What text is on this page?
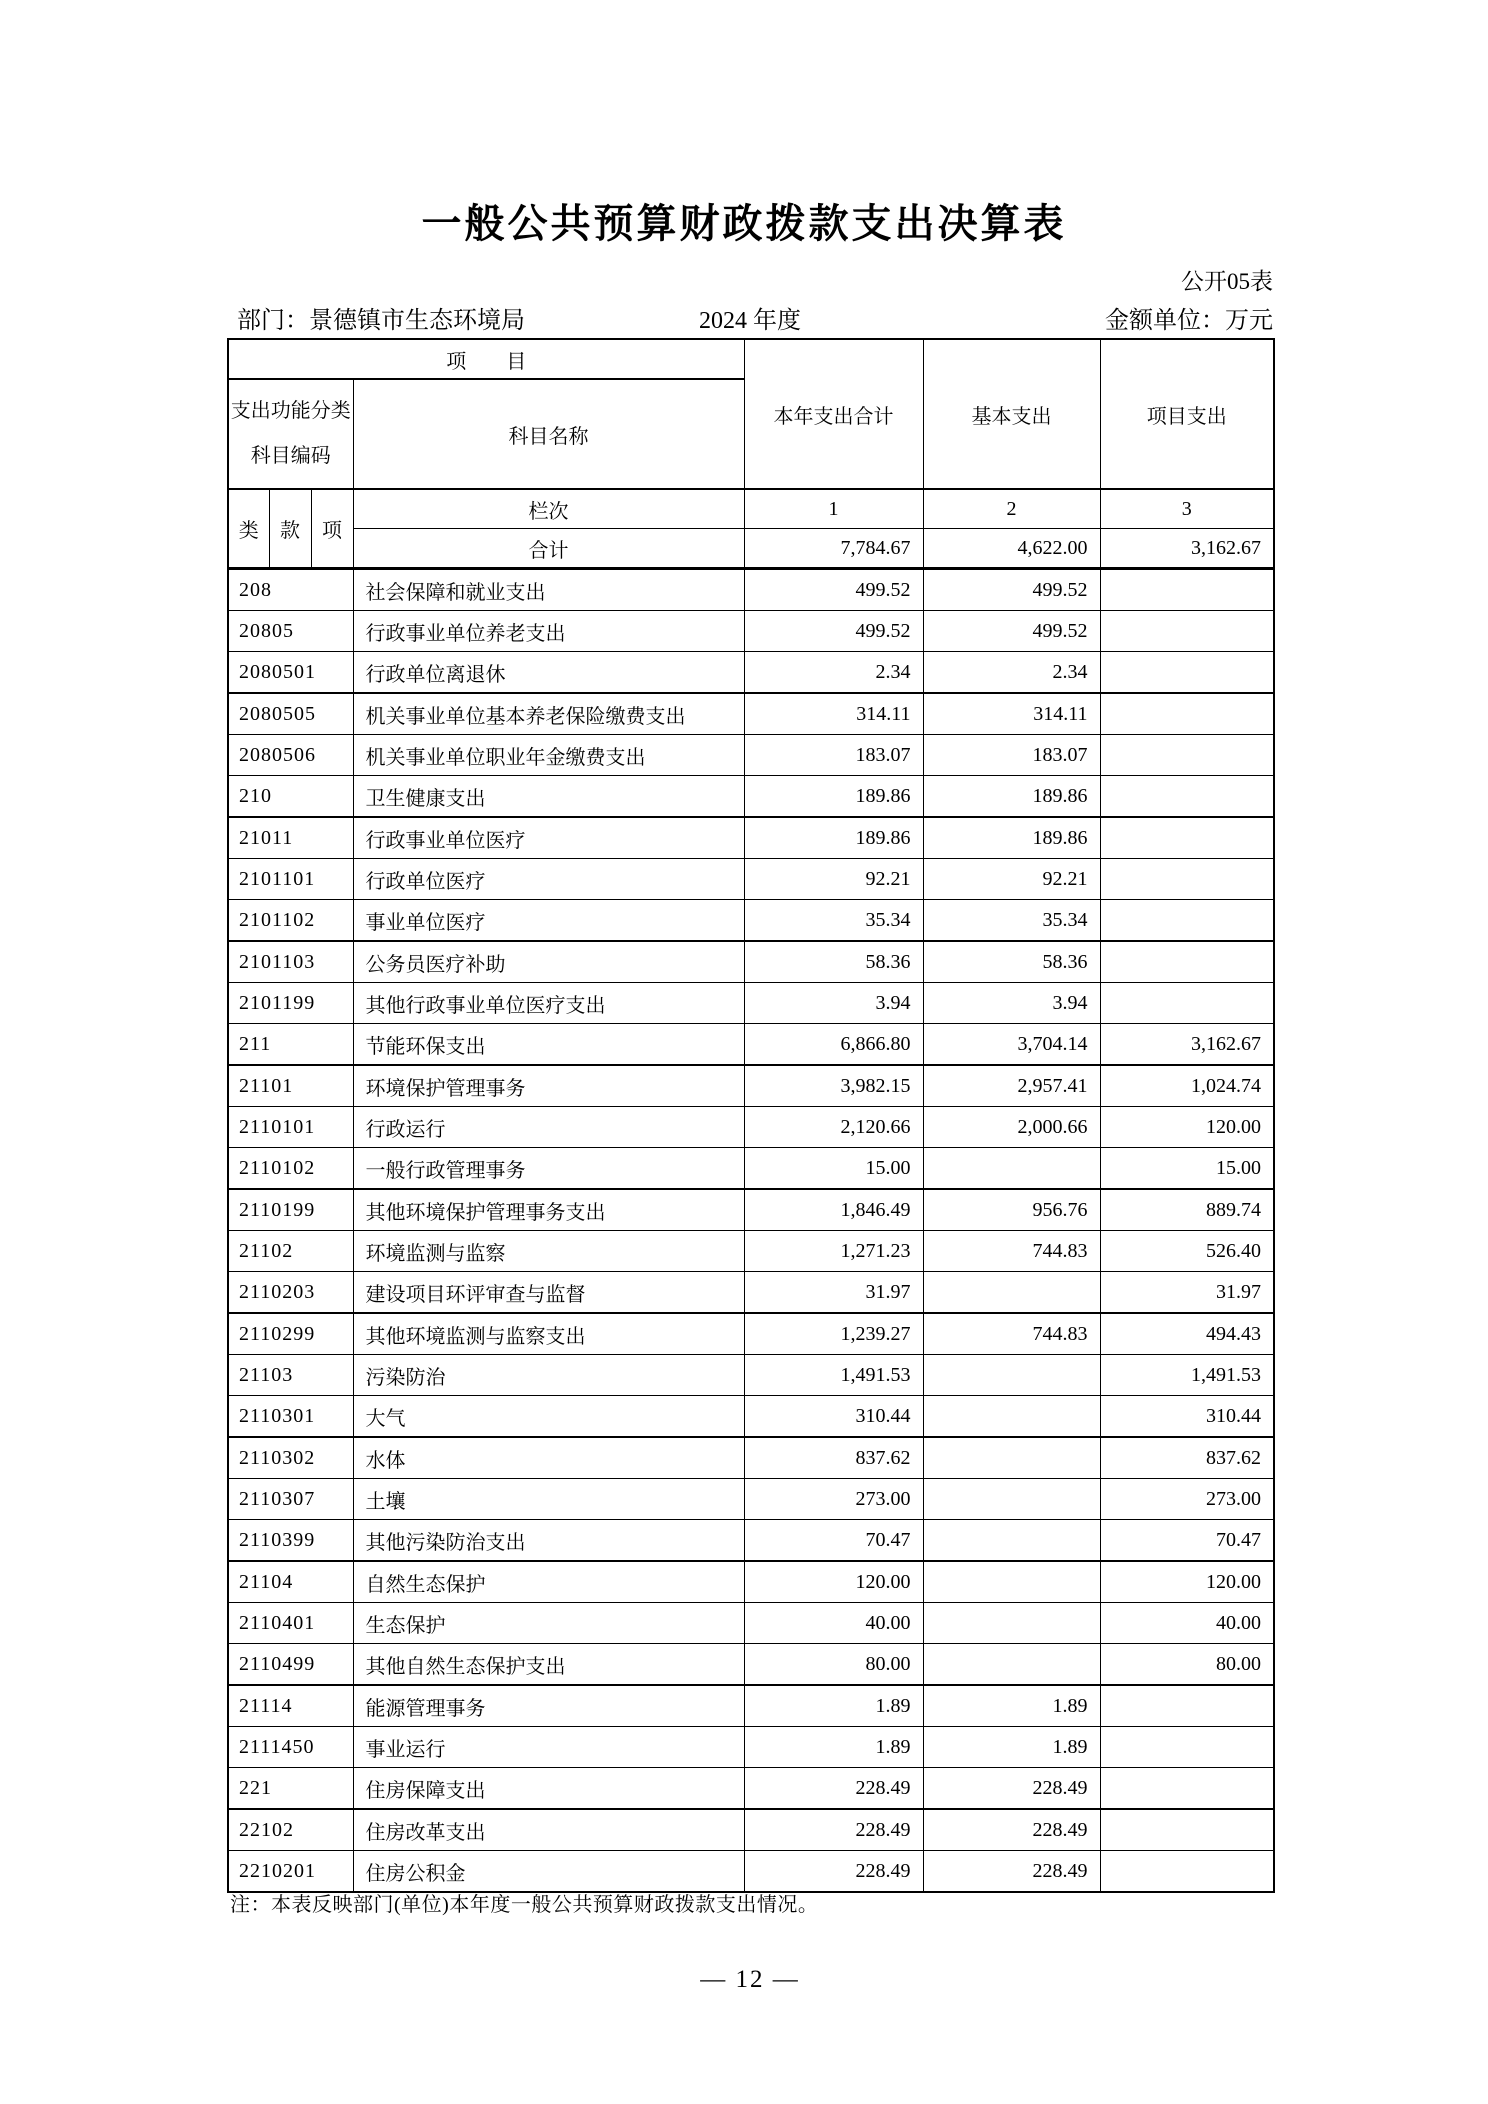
一般公共预算财政拨款支出决算表
公开05表
部门：景德镇市生态环境局	2024 年度	金额单位：万元
项　　目				本年支出合计	基本支出	项目支出
支出功能分类
科目编码			科目名称			
类	款	项	栏次	1	2	3
			合计	7,784.67	4,622.00	3,162.67
208			社会保障和就业支出	499.52	499.52	
20805			行政事业单位养老支出	499.52	499.52	
2080501			行政单位离退休	2.34	2.34	
2080505			机关事业单位基本养老保险缴费支出	314.11	314.11	
2080506			机关事业单位职业年金缴费支出	183.07	183.07	
210			卫生健康支出	189.86	189.86	
21011			行政事业单位医疗	189.86	189.86	
2101101			行政单位医疗	92.21	92.21	
2101102			事业单位医疗	35.34	35.34	
2101103			公务员医疗补助	58.36	58.36	
2101199			其他行政事业单位医疗支出	3.94	3.94	
211			节能环保支出	6,866.80	3,704.14	3,162.67
21101			环境保护管理事务	3,982.15	2,957.41	1,024.74
2110101			行政运行	2,120.66	2,000.66	120.00
2110102			一般行政管理事务	15.00		15.00
2110199			其他环境保护管理事务支出	1,846.49	956.76	889.74
21102			环境监测与监察	1,271.23	744.83	526.40
2110203			建设项目环评审查与监督	31.97		31.97
2110299			其他环境监测与监察支出	1,239.27	744.83	494.43
21103			污染防治	1,491.53		1,491.53
2110301			大气	310.44		310.44
2110302			水体	837.62		837.62
2110307			土壤	273.00		273.00
2110399			其他污染防治支出	70.47		70.47
21104			自然生态保护	120.00		120.00
2110401			生态保护	40.00		40.00
2110499			其他自然生态保护支出	80.00		80.00
21114			能源管理事务	1.89	1.89	
2111450			事业运行	1.89	1.89	
221			住房保障支出	228.49	228.49	
22102			住房改革支出	228.49	228.49	
2210201			住房公积金	228.49	228.49	
注：本表反映部门(单位)本年度一般公共预算财政拨款支出情况。
— 12 —
